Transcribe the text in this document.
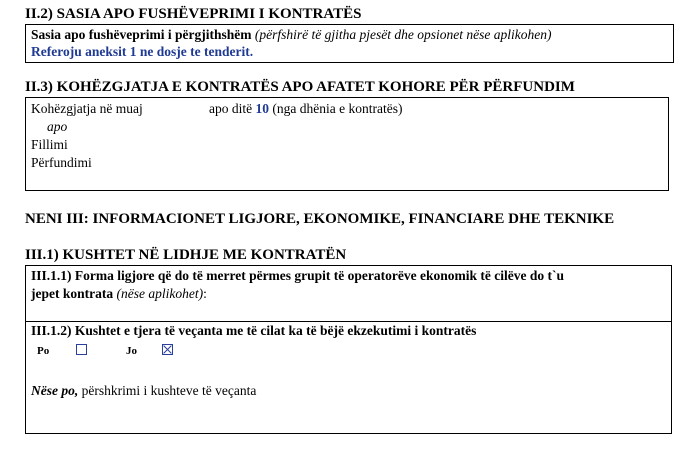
II.2) SASIA APO FUSHËVEPRIMI I KONTRATËS
Sasia apo fushëveprimi i përgjithshëm (përfshirë të gjitha pjesët dhe opsionet nëse aplikohen)
Referoju aneksit 1 ne dosje te tenderit.
II.3) KOHËZGJATJA E KONTRATËS APO AFATET KOHORE PËR PËRFUNDIM
Kohëzgjatja në muaj	apo ditë 10 (nga dhënia e kontratës)
apo
Fillimi
Përfundimi
NENI III: INFORMACIONET LIGJORE, EKONOMIKE, FINANCIARE DHE TEKNIKE
III.1) KUSHTET NË LIDHJE ME KONTRATËN
III.1.1) Forma ligjore që do të merret përmes grupit të operatorëve ekonomik të cilëve do t`u
jepet kontrata (nëse aplikohet):
III.1.2) Kushtet e tjera të veçanta me të cilat ka të bëjë ekzekutimi i kontratës
Po	Jo
Nëse po, përshkrimi i kushteve të veçanta
